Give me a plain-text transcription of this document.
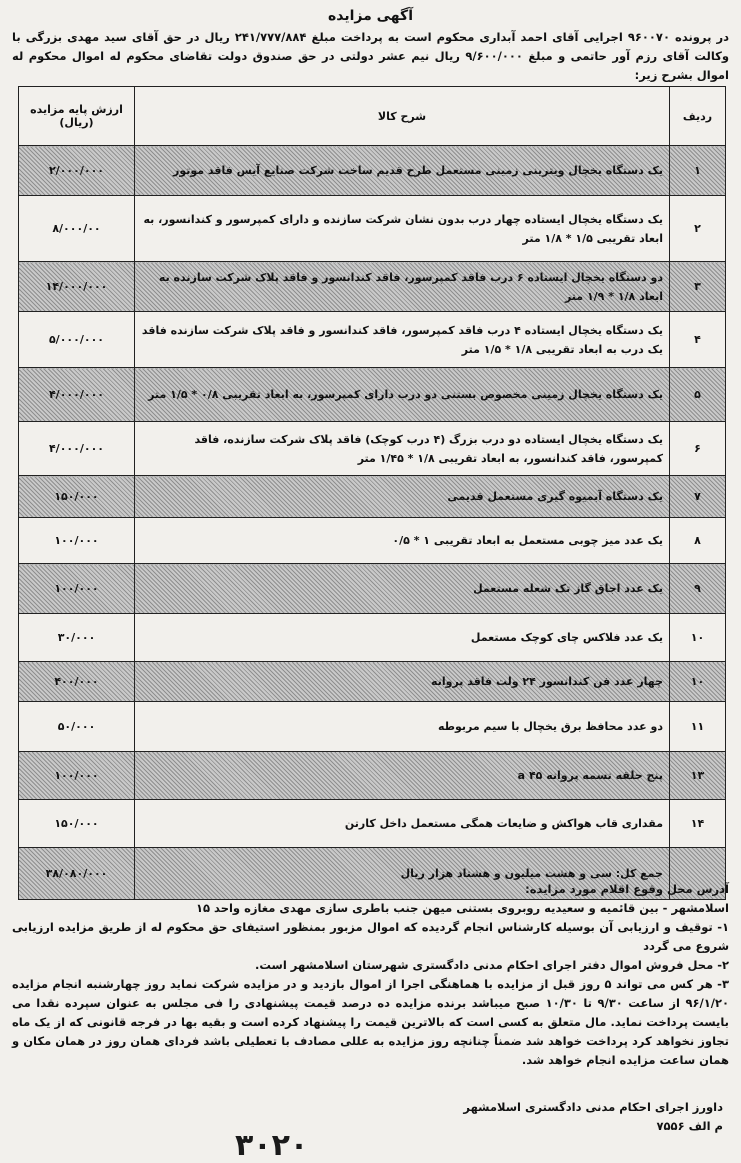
آگهی مزایده
در پرونده ۹۶۰۰۷۰ اجرایی آقای احمد آبداری محکوم است به پرداخت مبلغ ۲۴۱/۷۷۷/۸۸۴ ریال در حق آقای سید مهدی بزرگی با وکالت آقای رزم آور حاتمی و مبلغ ۹/۶۰۰/۰۰۰ ریال نیم عشر دولتی در حق صندوق دولت تقاضای محکوم له اموال محکوم له اموال بشرح زیر:
ردیف	شرح کالا	ارزش پایه مزایده (ریال)
۱	یک دستگاه یخچال ویترینی زمینی مستعمل طرح قدیم ساخت شرکت صنایع آیس فاقد موتور	۲/۰۰۰/۰۰۰
۲	یک دستگاه یخچال ایستاده چهار درب بدون نشان شرکت سازنده و دارای کمپرسور و کندانسور، به ابعاد تقریبی ۱/۵ * ۱/۸ متر	۸/۰۰۰/۰۰
۳	دو دستگاه یخچال ایستاده ۶ درب فاقد کمپرسور، فاقد کندانسور و فاقد پلاک شرکت سازنده به ابعاد ۱/۸ * ۱/۹ متر	۱۴/۰۰۰/۰۰۰
۴	یک دستگاه یخچال ایستاده ۴ درب فاقد کمپرسور، فاقد کندانسور و فاقد پلاک شرکت سازنده فاقد یک درب به ابعاد تقریبی ۱/۸ * ۱/۵ متر	۵/۰۰۰/۰۰۰
۵	یک دستگاه یخچال زمینی مخصوص بستنی دو درب دارای کمپرسور، به ابعاد تقریبی ۰/۸ * ۱/۵ متر	۴/۰۰۰/۰۰۰
۶	یک دستگاه یخچال ایستاده دو درب بزرگ (۴ درب کوچک) فاقد پلاک شرکت سازنده، فاقد کمپرسور، فاقد کندانسور، به ابعاد تقریبی ۱/۸ * ۱/۴۵ متر	۴/۰۰۰/۰۰۰
۷	یک دستگاه آبمیوه گیری مستعمل قدیمی	۱۵۰/۰۰۰
۸	یک عدد میز چوبی مستعمل به ابعاد تقریبی ۱ * ۰/۵	۱۰۰/۰۰۰
۹	یک عدد اجاق گاز تک شعله مستعمل	۱۰۰/۰۰۰
۱۰	یک عدد فلاکس چای کوچک مستعمل	۳۰/۰۰۰
۱۰	چهار عدد فن کندانسور ۲۴ ولت فاقد پروانه	۴۰۰/۰۰۰
۱۱	دو عدد محافظ برق یخچال با سیم مربوطه	۵۰/۰۰۰
۱۳	پنج حلقه تسمه پروانه ۴۵ a	۱۰۰/۰۰۰
۱۴	مقداری قاب هواکش و ضایعات همگی مستعمل داخل کارتن	۱۵۰/۰۰۰
	جمع کل: سی و هشت میلیون و هشتاد هزار ریال	۳۸/۰۸۰/۰۰۰

آدرس محل وقوع اقلام مورد مزایده:

اسلامشهر - بین قائمیه و سعیدیه روبروی بستنی میهن جنب باطری سازی مهدی مغازه واحد ۱۵

۱- توقیف و ارزیابی آن بوسیله کارشناس انجام گردیده که اموال مزبور بمنظور استیفای حق محکوم له از طریق مزایده ارزیابی شروع می گردد

۲- محل فروش اموال دفتر اجرای احکام مدنی دادگستری شهرستان اسلامشهر است.

۳- هر کس می تواند ۵ روز قبل از مزایده با هماهنگی اجرا از اموال بازدید و در مزایده شرکت نماید روز چهارشنبه انجام مزایده ۹۶/۱/۲۰ از ساعت ۹/۳۰ تا ۱۰/۳۰ صبح میباشد برنده مزایده ده درصد قیمت پیشنهادی را فی مجلس به عنوان سپرده نقدا می بایست پرداخت نماید. مال متعلق به کسی است که بالاترین قیمت را پیشنهاد کرده است و بقیه بها در فرجه قانونی که از یک ماه تجاوز نخواهد کرد پرداخت خواهد شد ضمناً چنانچه روز مزایده به عللی مصادف با تعطیلی باشد فردای همان روز در همان مکان و همان ساعت مزایده انجام خواهد شد.

داورز اجرای احکام مدنی دادگستری اسلامشهر
م الف ۷۵۵۶
۳۰۲۰
